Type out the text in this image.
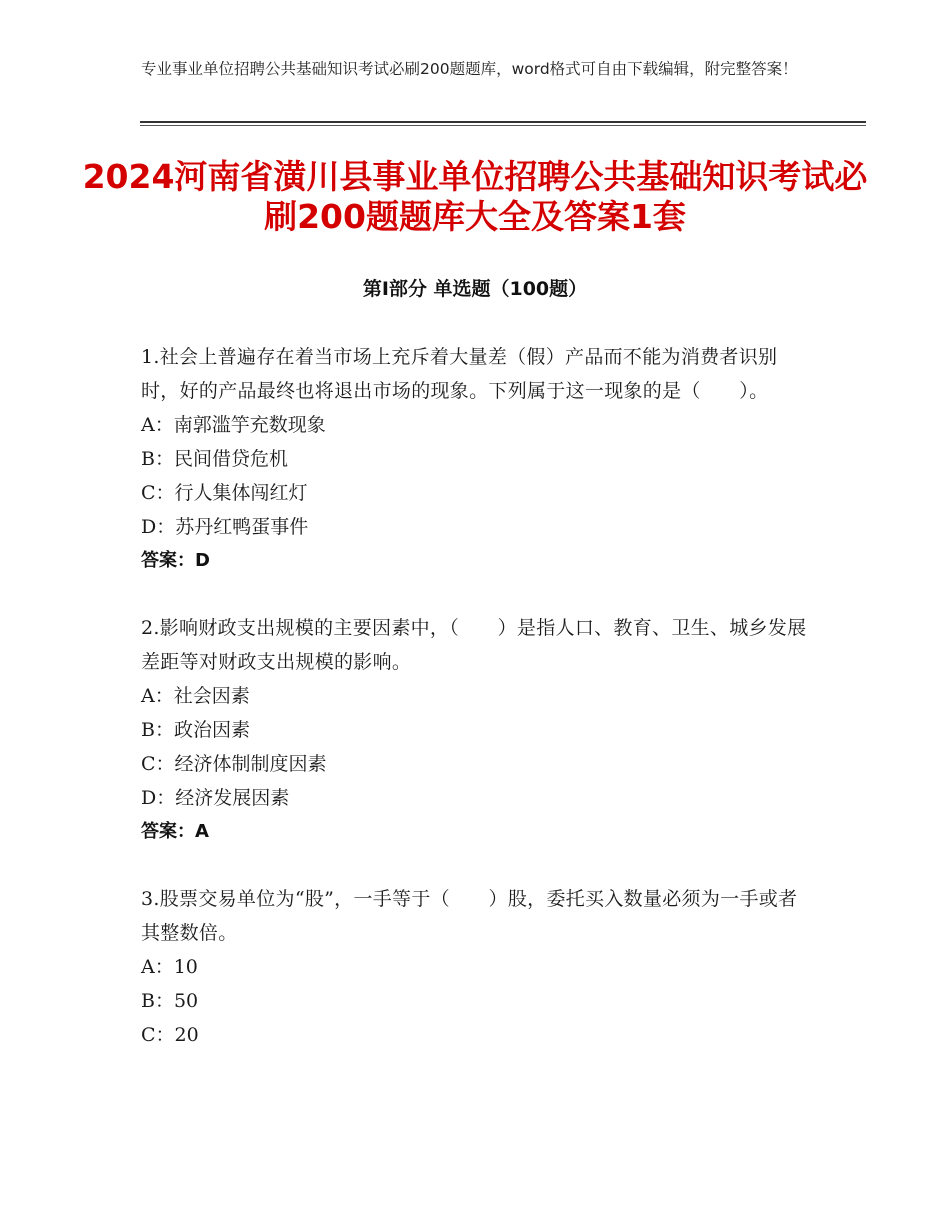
专业事业单位招聘公共基础知识考试必刷200题题库，word格式可自由下载编辑，附完整答案！
2024河南省潢川县事业单位招聘公共基础知识考试必刷200题题库大全及答案1套
第Ⅰ部分 单选题（100题）
1.社会上普遍存在着当市场上充斥着大量差（假）产品而不能为消费者识别时，好的产品最终也将退出市场的现象。下列属于这一现象的是（　　）。
A：南郭滥竽充数现象
B：民间借贷危机
C：行人集体闯红灯
D：苏丹红鸭蛋事件
答案：D
2.影响财政支出规模的主要因素中，（　　）是指人口、教育、卫生、城乡发展差距等对财政支出规模的影响。
A：社会因素
B：政治因素
C：经济体制制度因素
D：经济发展因素
答案：A
3.股票交易单位为“股”，一手等于（　　）股，委托买入数量必须为一手或者其整数倍。
A：10
B：50
C：20
